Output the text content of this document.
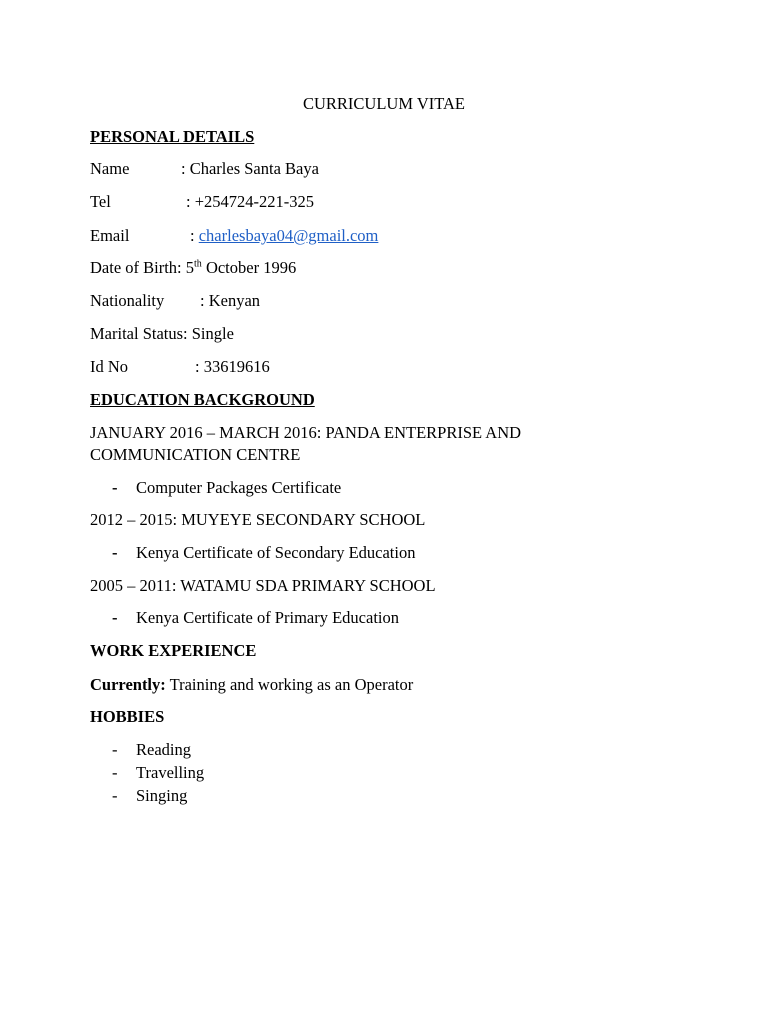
CURRICULUM VITAE
PERSONAL DETAILS
Name	: Charles Santa Baya
Tel	: +254724-221-325
Email	: charlesbaya04@gmail.com
Date of Birth: 5th October 1996
Nationality : Kenyan
Marital Status: Single
Id No	: 33619616
EDUCATION BACKGROUND
JANUARY 2016 – MARCH 2016: PANDA ENTERPRISE AND
COMMUNICATION CENTRE
- Computer Packages Certificate
2012 – 2015: MUYEYE SECONDARY SCHOOL
- Kenya Certificate of Secondary Education
2005 – 2011: WATAMU SDA PRIMARY SCHOOL
- Kenya Certificate of Primary Education
WORK EXPERIENCE
Currently: Training and working as an Operator
HOBBIES
- Reading
- Travelling
- Singing
